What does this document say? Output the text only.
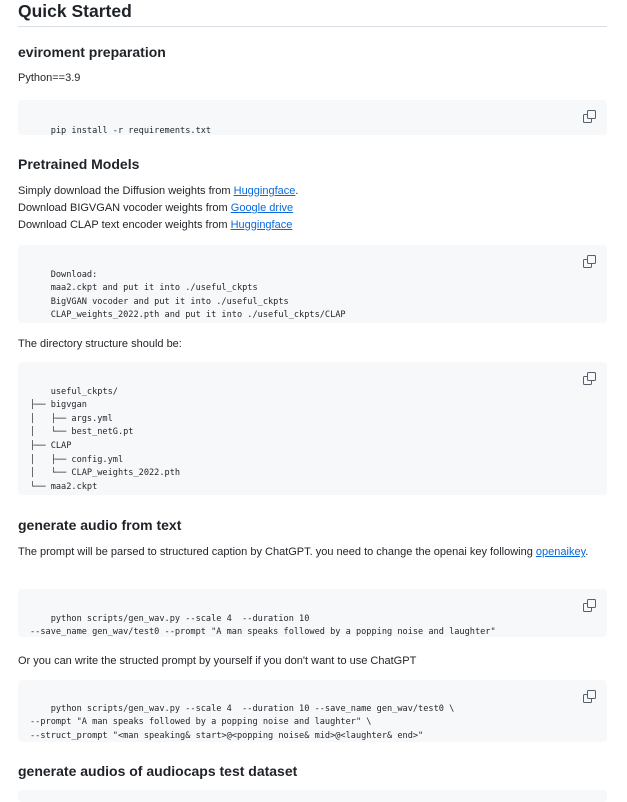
Quick Started
eviroment preparation

Python==3.9

pip install -r requirements.txt

Pretrained Models

Simply download the Diffusion weights from Huggingface.

Download BIGVGAN vocoder weights from Google drive

Download CLAP text encoder weights from Huggingface

Download:
maa2.ckpt and put it into ./useful_ckpts
BigVGAN vocoder and put it into ./useful_ckpts
CLAP_weights_2022.pth and put it into ./useful_ckpts/CLAP

The directory structure should be:

useful_ckpts/
├── bigvgan
│   ├── args.yml
│   └── best_netG.pt
├── CLAP
│   ├── config.yml
│   └── CLAP_weights_2022.pth
└── maa2.ckpt

generate audio from text

The prompt will be parsed to structured caption by ChatGPT. you need to change the openai key following openaikey.

python scripts/gen_wav.py --scale 4  --duration 10
--save_name gen_wav/test0 --prompt "A man speaks followed by a popping noise and laughter"

Or you can write the structed prompt by yourself if you don't want to use ChatGPT

python scripts/gen_wav.py --scale 4  --duration 10 --save_name gen_wav/test0 \
--prompt "A man speaks followed by a popping noise and laughter" \
--struct_prompt "<man speaking& start>@<popping noise& mid>@<laughter& end>"

generate audios of audiocaps test dataset
